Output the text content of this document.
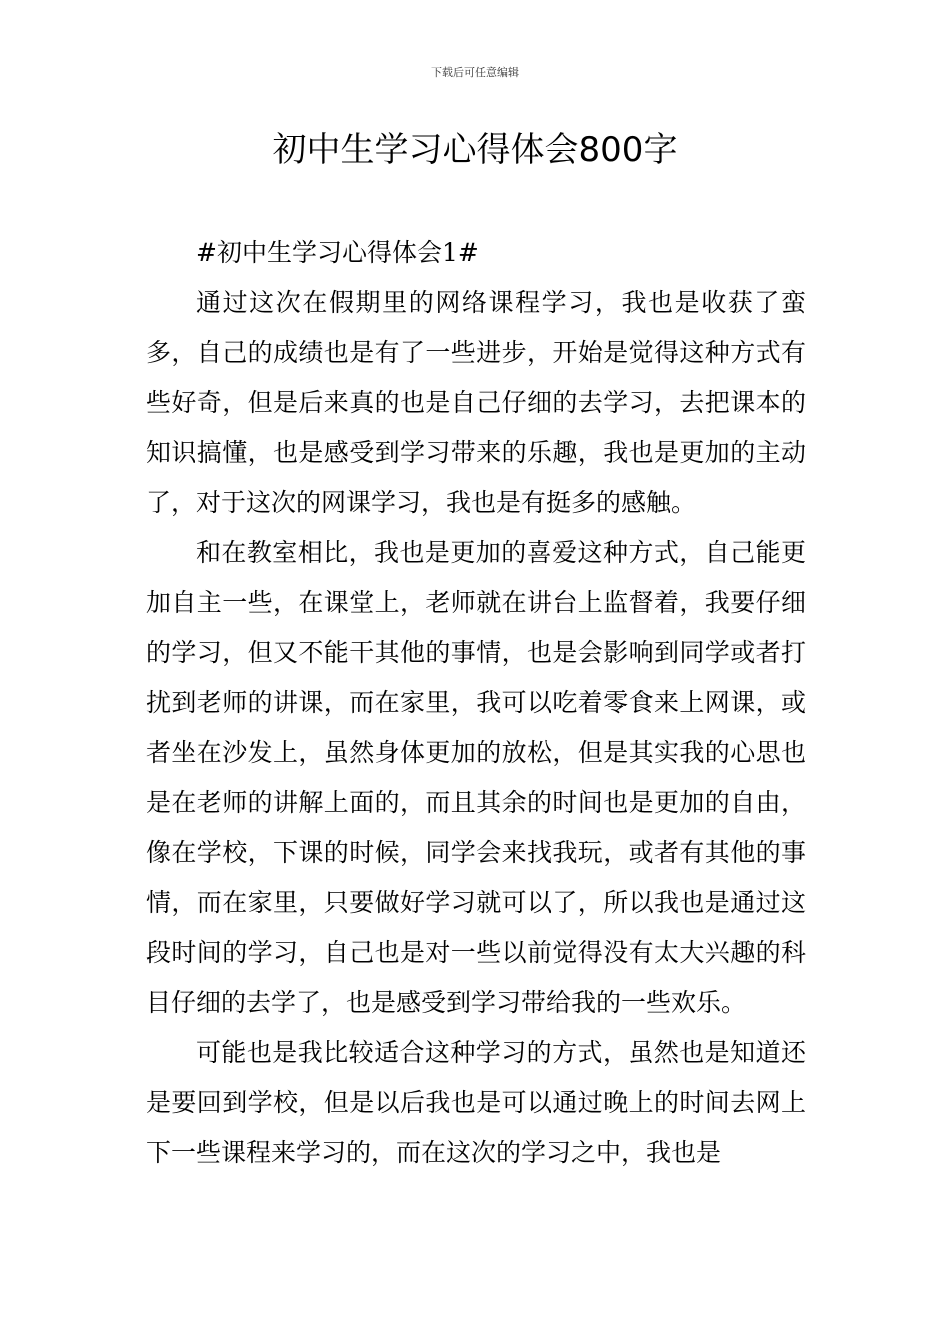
下载后可任意编辑
初中生学习心得体会800字

#初中生学习心得体会1#

通过这次在假期里的网络课程学习，我也是收获了蛮多，自己的成绩也是有了一些进步，开始是觉得这种方式有些好奇，但是后来真的也是自己仔细的去学习，去把课本的知识搞懂，也是感受到学习带来的乐趣，我也是更加的主动了，对于这次的网课学习，我也是有挺多的感触。

和在教室相比，我也是更加的喜爱这种方式，自己能更加自主一些，在课堂上，老师就在讲台上监督着，我要仔细的学习，但又不能干其他的事情，也是会影响到同学或者打扰到老师的讲课，而在家里，我可以吃着零食来上网课，或者坐在沙发上，虽然身体更加的放松，但是其实我的心思也是在老师的讲解上面的，而且其余的时间也是更加的自由，像在学校，下课的时候，同学会来找我玩，或者有其他的事情，而在家里，只要做好学习就可以了，所以我也是通过这段时间的学习，自己也是对一些以前觉得没有太大兴趣的科目仔细的去学了，也是感受到学习带给我的一些欢乐。

可能也是我比较适合这种学习的方式，虽然也是知道还是要回到学校，但是以后我也是可以通过晚上的时间去网上下一些课程来学习的，而在这次的学习之中，我也是
